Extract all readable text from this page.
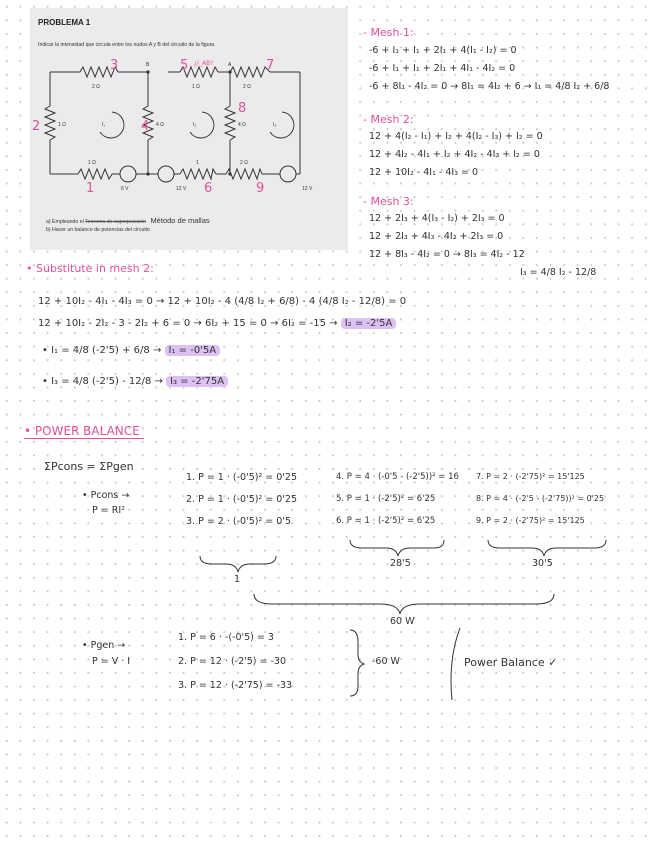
PROBLEMA 1
Indicar la intensidad que circula entre los nudos A y B del circuito de la figura
B	A
2 Ω	1 Ω	2 Ω
1 Ω	4 Ω	4 Ω
1 Ω	1	2 Ω
6 V	12 V	12 V
I₁	I₂	I₃
3	5 ¿I_AB?	7
2	4
8
1	6	9
a) Empleando el Teorema de superposición Método de mallas
b) Hacer un balance de potencias del circuito
- Mesh 1:
-6 + I₁ + I₁ + 2I₁ + 4(I₁ - I₂) = 0
-6 + I₁ + I₁ + 2I₁ + 4I₁ - 4I₂ = 0
-6 + 8I₁ - 4I₂ = 0 → 8I₁ = 4I₂ + 6 → I₁ = 4/8 I₂ + 6/8
- Mesh 2:
12 + 4(I₂ - I₁) + I₂ + 4(I₂ - I₃) + I₂ = 0
12 + 4I₂ - 4I₁ + I₂ + 4I₂ - 4I₃ + I₂ = 0
12 + 10I₂ - 4I₁ - 4I₃ = 0
- Mesh 3:
12 + 2I₃ + 4(I₃ - I₂) + 2I₃ = 0
12 + 2I₃ + 4I₃ - 4I₂ + 2I₃ = 0
12 + 8I₃ - 4I₂ = 0 → 8I₃ = 4I₂ - 12
I₃ = 4/8 I₂ - 12/8
• Substitute in mesh 2:
12 + 10I₂ - 4I₁ - 4I₃ = 0 → 12 + 10I₂ - 4 (4/8 I₂ + 6/8) - 4 (4/8 I₂ - 12/8) = 0
12 + 10I₂ - 2I₂ - 3 - 2I₂ + 6 = 0 → 6I₂ + 15 = 0 → 6I₂ = -15 → I₂ = -2'5A
• I₁ = 4/8 (-2'5) + 6/8 → I₁ = -0'5A
• I₃ = 4/8 (-2'5) - 12/8 → I₃ = -2'75A
• POWER BALANCE
ΣPcons = ΣPgen
• Pcons →
P = RI²
1. P = 1 · (-0'5)² = 0'25
2. P = 1 · (-0'5)² = 0'25
3. P = 2 · (-0'5)² = 0'5
4. P = 4 · (-0'5 - (-2'5))² = 16
5. P = 1 · (-2'5)² = 6'25
6. P = 1 · (-2'5)² = 6'25
7. P = 2 · (-2'75)² = 15'125
8. P = 4 · (-2'5 - (-2'75))² = 0'25
9. P = 2 · (-2'75)² = 15'125
1
28'5	30'5
60 W
• Pgen →
P = V · I
1. P = 6 · -(-0'5) = 3
2. P = 12 · (-2'5) = -30
3. P = 12 · (-2'75) = -33
-60 W	Power Balance ✓
